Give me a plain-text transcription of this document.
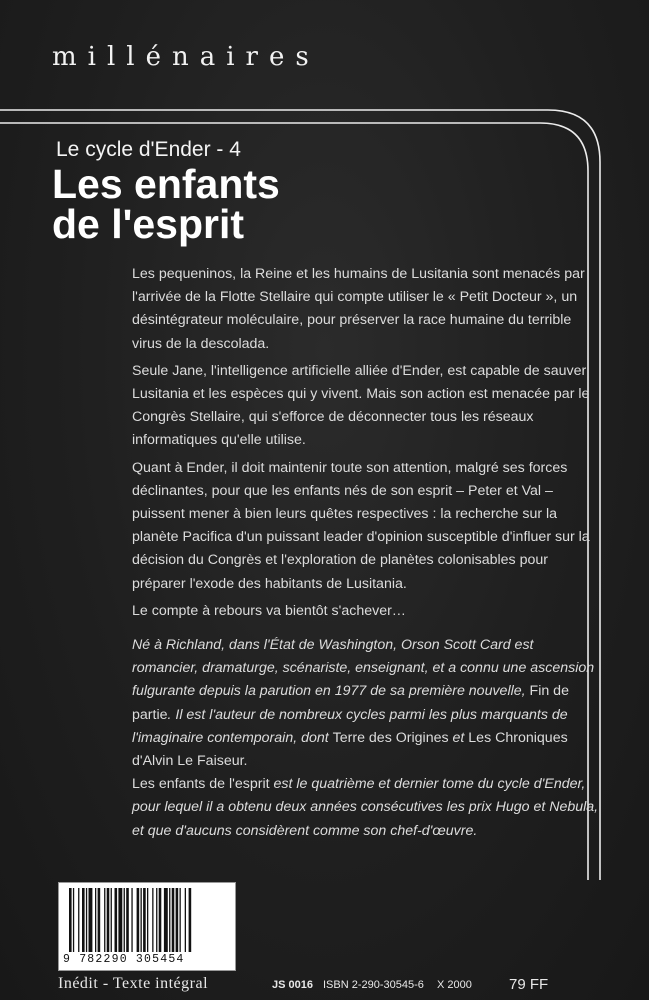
millénaires
Le cycle d'Ender - 4
Les enfants
de l'esprit

Les pequeninos, la Reine et les humains de Lusitania sont menacés par l'arrivée de la Flotte Stellaire qui compte utiliser le « Petit Docteur », un désintégrateur moléculaire, pour préserver la race humaine du terrible virus de la descolada.

Seule Jane, l'intelligence artificielle alliée d'Ender, est capable de sauver Lusitania et les espèces qui y vivent. Mais son action est menacée par le Congrès Stellaire, qui s'efforce de déconnecter tous les réseaux informatiques qu'elle utilise.

Quant à Ender, il doit maintenir toute son attention, malgré ses forces déclinantes, pour que les enfants nés de son esprit – Peter et Val – puissent mener à bien leurs quêtes respectives : la recherche sur la planète Pacifica d'un puissant leader d'opinion susceptible d'influer sur la décision du Congrès et l'exploration de planètes colonisables pour préparer l'exode des habitants de Lusitania.

Le compte à rebours va bientôt s'achever…

Né à Richland, dans l'État de Washington, Orson Scott Card est romancier, dramaturge, scénariste, enseignant, et a connu une ascension fulgurante depuis la parution en 1977 de sa première nouvelle, Fin de partie. Il est l'auteur de nombreux cycles parmi les plus marquants de l'imaginaire contemporain, dont Terre des Origines et Les Chroniques d'Alvin Le Faiseur.

Les enfants de l'esprit est le quatrième et dernier tome du cycle d'Ender, pour lequel il a obtenu deux années consécutives les prix Hugo et Nebula, et que d'aucuns considèrent comme son chef-d'œuvre.

9 782290 305454
Inédit - Texte intégral	JS 0016 ISBN 2-290-30545-6 X 2000 79 FF
